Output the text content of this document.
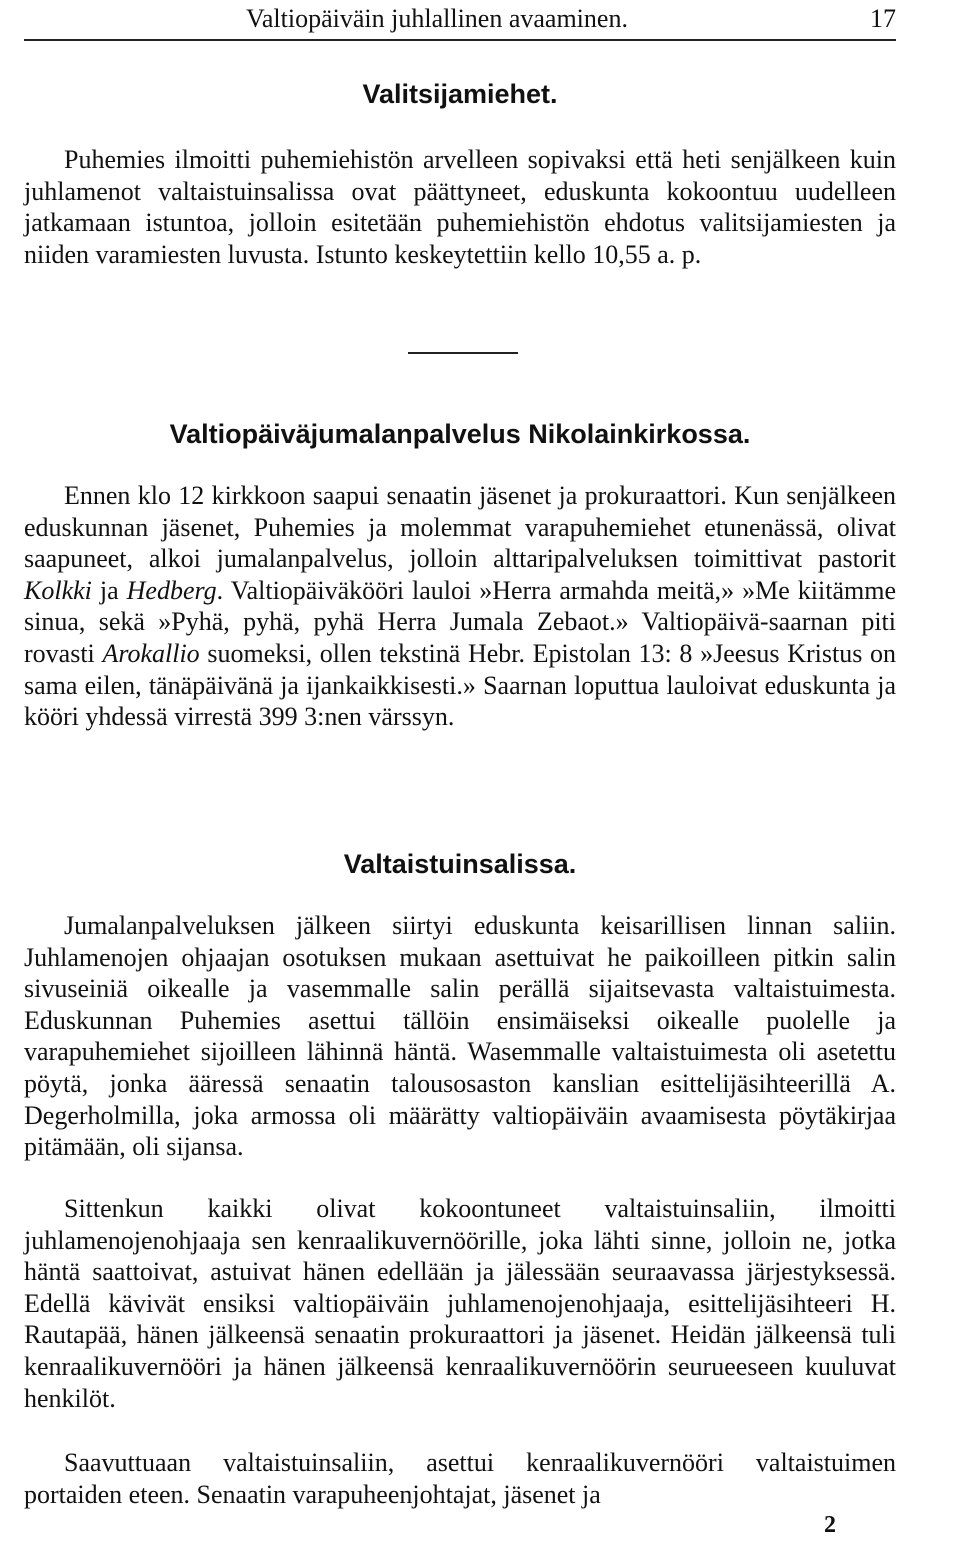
Valtiopäiväin juhlallinen avaaminen.	17
Valitsijamiehet.

Puhemies ilmoitti puhemiehistön arvelleen sopivaksi että heti senjälkeen kuin juhlamenot valtaistuinsalissa ovat päättyneet, eduskunta kokoontuu uudelleen jatkamaan istuntoa, jolloin esitetään puhemiehistön ehdotus valitsijamiesten ja niiden varamiesten luvusta. Istunto keskeytettiin kello 10,55 a. p.

Valtiopäiväjumalanpalvelus Nikolainkirkossa.

Ennen klo 12 kirkkoon saapui senaatin jäsenet ja prokuraattori. Kun senjälkeen eduskunnan jäsenet, Puhemies ja molemmat varapuhemiehet etunenässä, olivat saapuneet, alkoi jumalanpalvelus, jolloin alttaripalveluksen toimittivat pastorit Kolkki ja Hedberg. Valtiopäiväkööri lauloi »Herra armahda meitä,» »Me kiitämme sinua, sekä »Pyhä, pyhä, pyhä Herra Jumala Zebaot.» Valtiopäivä-saarnan piti rovasti Arokallio suomeksi, ollen tekstinä Hebr. Epistolan 13: 8 »Jeesus Kristus on sama eilen, tänäpäivänä ja ijankaikkisesti.» Saarnan loputtua lauloivat eduskunta ja kööri yhdessä virrestä 399 3:nen värssyn.

Valtaistuinsalissa.

Jumalanpalveluksen jälkeen siirtyi eduskunta keisarillisen linnan saliin. Juhlamenojen ohjaajan osotuksen mukaan asettuivat he paikoilleen pitkin salin sivuseiniä oikealle ja vasemmalle salin perällä sijaitsevasta valtaistuimesta. Eduskunnan Puhemies asettui tällöin ensimäiseksi oikealle puolelle ja varapuhemiehet sijoilleen lähinnä häntä. Wasemmalle valtaistuimesta oli asetettu pöytä, jonka ääressä senaatin talousosaston kanslian esittelijäsihteerillä A. Degerholmilla, joka armossa oli määrätty valtiopäiväin avaamisesta pöytäkirjaa pitämään, oli sijansa.

Sittenkun kaikki olivat kokoontuneet valtaistuinsaliin, ilmoitti juhlamenojenohjaaja sen kenraalikuvernöörille, joka lähti sinne, jolloin ne, jotka häntä saattoivat, astuivat hänen edellään ja jälessään seuraavassa järjestyksessä. Edellä kävivät ensiksi valtiopäiväin juhlamenojenohjaaja, esittelijäsihteeri H. Rautapää, hänen jälkeensä senaatin prokuraattori ja jäsenet. Heidän jälkeensä tuli kenraalikuvernööri ja hänen jälkeensä kenraalikuvernöörin seurueeseen kuuluvat henkilöt.

Saavuttuaan valtaistuinsaliin, asettui kenraalikuvernööri valtaistuimen portaiden eteen. Senaatin varapuheenjohtajat, jäsenet ja

2
